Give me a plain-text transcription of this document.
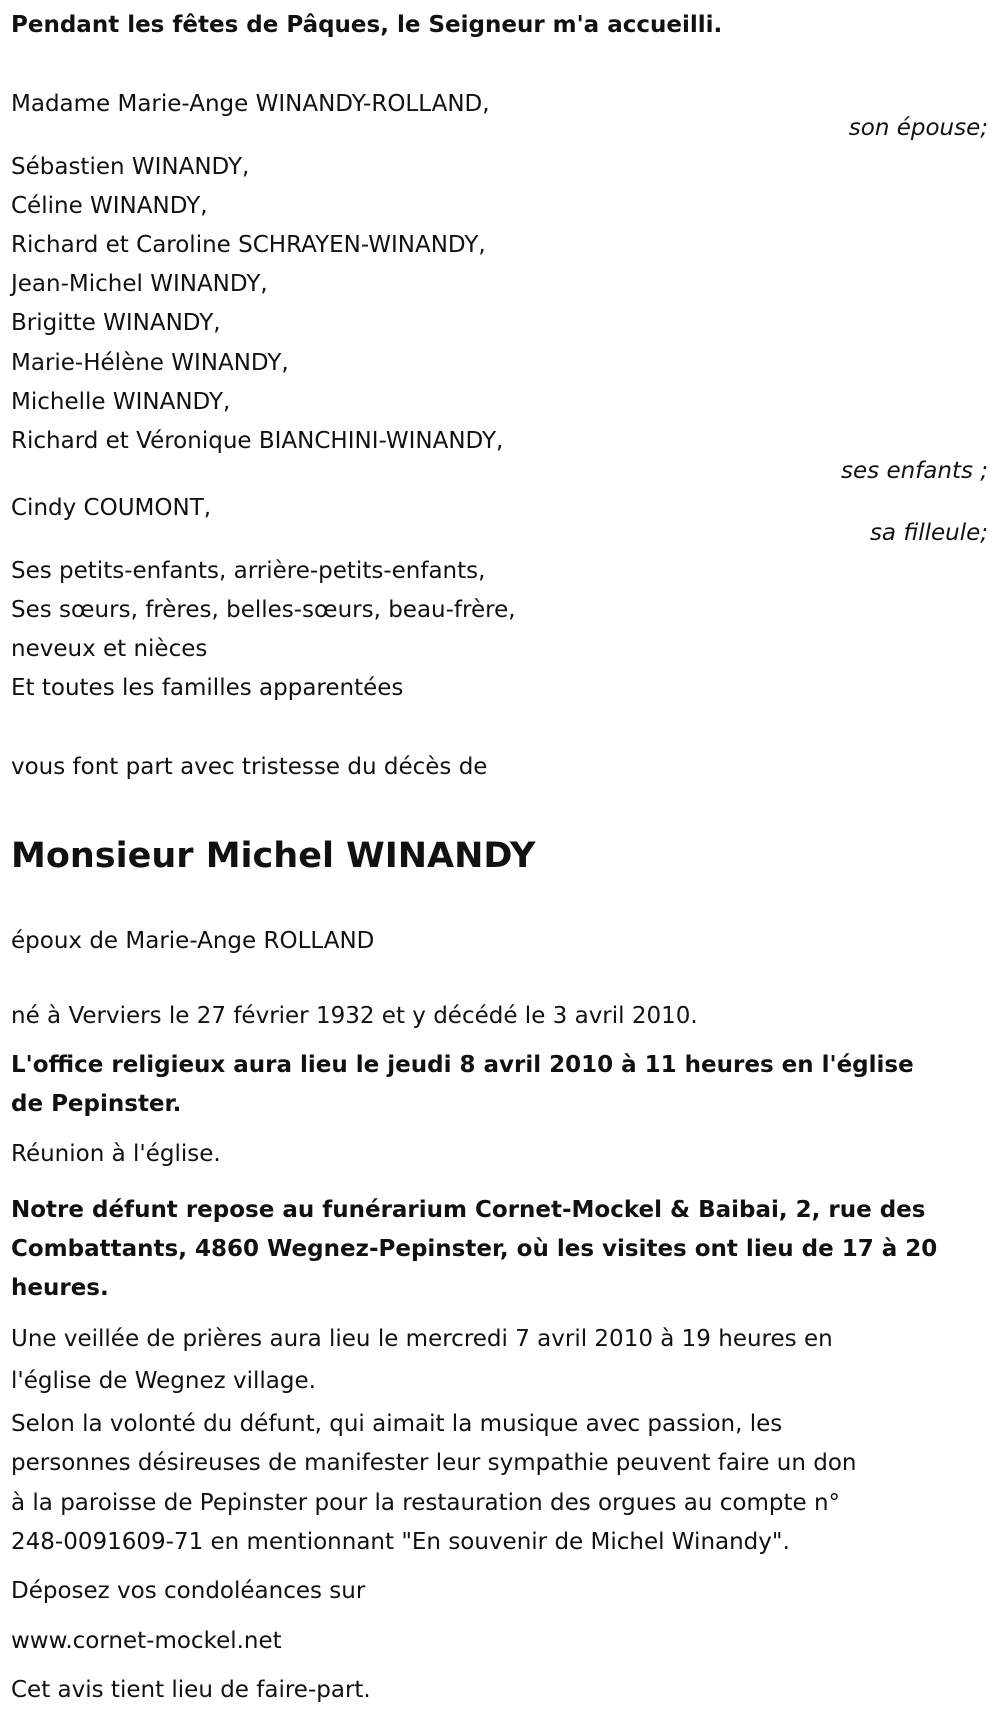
Pendant les fêtes de Pâques, le Seigneur m'a accueilli.
Madame Marie-Ange WINANDY-ROLLAND,
son épouse;
Sébastien WINANDY,
Céline WINANDY,
Richard et Caroline SCHRAYEN-WINANDY,
Jean-Michel WINANDY,
Brigitte WINANDY,
Marie-Hélène WINANDY,
Michelle WINANDY,
Richard et Véronique BIANCHINI-WINANDY,
ses enfants ;
Cindy COUMONT,
sa filleule;
Ses petits-enfants, arrière-petits-enfants,
Ses sœurs, frères, belles-sœurs, beau-frère,
neveux et nièces
Et toutes les familles apparentées
vous font part avec tristesse du décès de
Monsieur Michel WINANDY
époux de Marie-Ange ROLLAND
né à Verviers le 27 février 1932 et y décédé le 3 avril 2010.
L'office religieux aura lieu le jeudi 8 avril 2010 à 11 heures en l'église
de Pepinster.
Réunion à l'église.
Notre défunt repose au funérarium Cornet-Mockel & Baibai, 2, rue des
Combattants, 4860 Wegnez-Pepinster, où les visites ont lieu de 17 à 20
heures.
Une veillée de prières aura lieu le mercredi 7 avril 2010 à 19 heures en
l'église de Wegnez village.
Selon la volonté du défunt, qui aimait la musique avec passion, les
personnes désireuses de manifester leur sympathie peuvent faire un don
à la paroisse de Pepinster pour la restauration des orgues au compte n°
248-0091609-71 en mentionnant "En souvenir de Michel Winandy".
Déposez vos condoléances sur
www.cornet-mockel.net
Cet avis tient lieu de faire-part.
